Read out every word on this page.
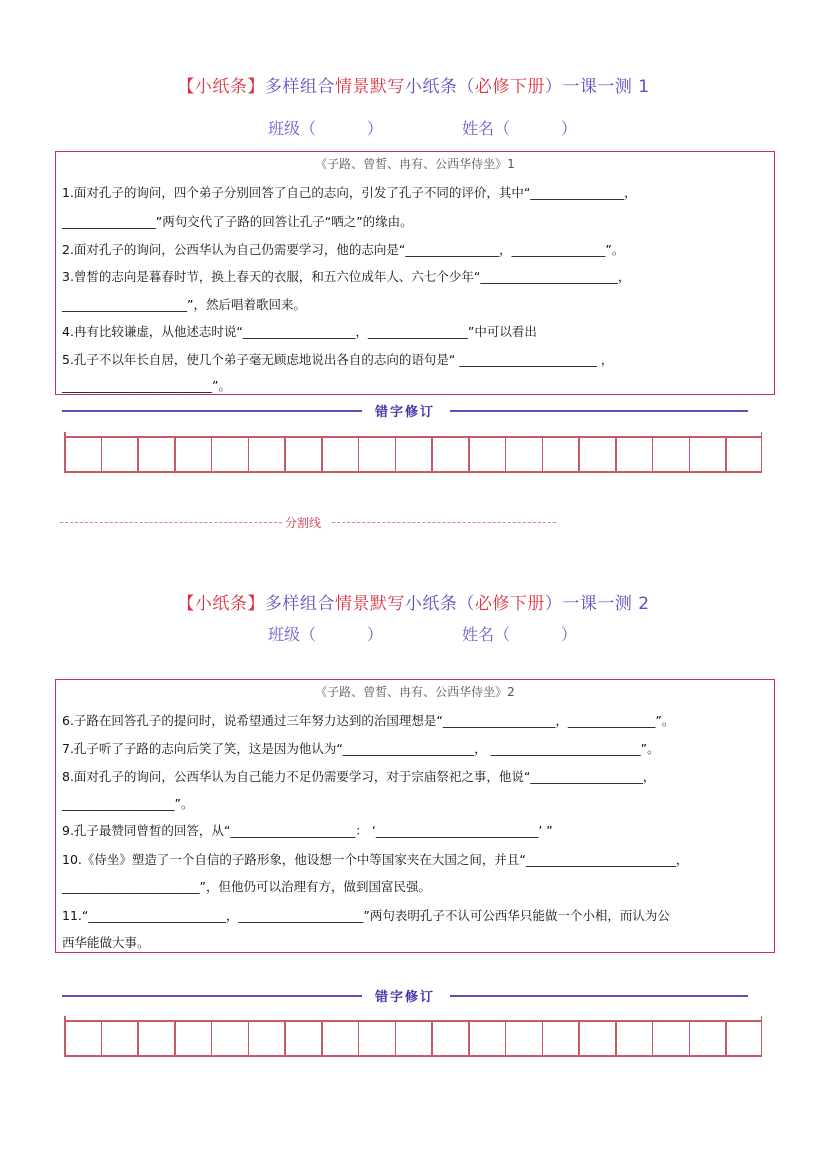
【小纸条】多样组合情景默写小纸条（必修下册）一课一测 1
班级（          ）	姓名（          ）
《子路、曾皙、冉有、公西华侍坐》1
1.面对孔子的询问，四个弟子分别回答了自己的志向，引发了孔子不同的评价，其中“_______________，
_______________”两句交代了子路的回答让孔子“哂之”的缘由。
2.面对孔子的询问，公西华认为自己仍需要学习，他的志向是“_______________，_______________”。
3.曾皙的志向是暮春时节，换上春天的衣服，和五六位成年人、六七个少年“______________________，
____________________”，然后唱着歌回来。
4.冉有比较谦虚，从他述志时说“__________________，________________”中可以看出
5.孔子不以年长自居，使几个弟子毫无顾虑地说出各自的志向的语句是“ ______________________ ，
________________________”。
错字修订
分割线
【小纸条】多样组合情景默写小纸条（必修下册）一课一测 2
班级（          ）	姓名（          ）
《子路、曾皙、冉有、公西华侍坐》2
6.子路在回答孔子的提问时，说希望通过三年努力达到的治国理想是“__________________，______________”。
7.孔子听了子路的志向后笑了笑，这是因为他认为“_____________________， ________________________”。
8.面对孔子的询问，公西华认为自己能力不足仍需要学习，对于宗庙祭祀之事，他说“__________________，
__________________”。
9.孔子最赞同曾皙的回答，从“____________________： ‘__________________________’ ”
10.《侍坐》塑造了一个自信的子路形象，他设想一个中等国家夹在大国之间，并且“________________________，
______________________”，但他仍可以治理有方，做到国富民强。
11.“______________________，____________________”两句表明孔子不认可公西华只能做一个小相，而认为公
西华能做大事。
错字修订
